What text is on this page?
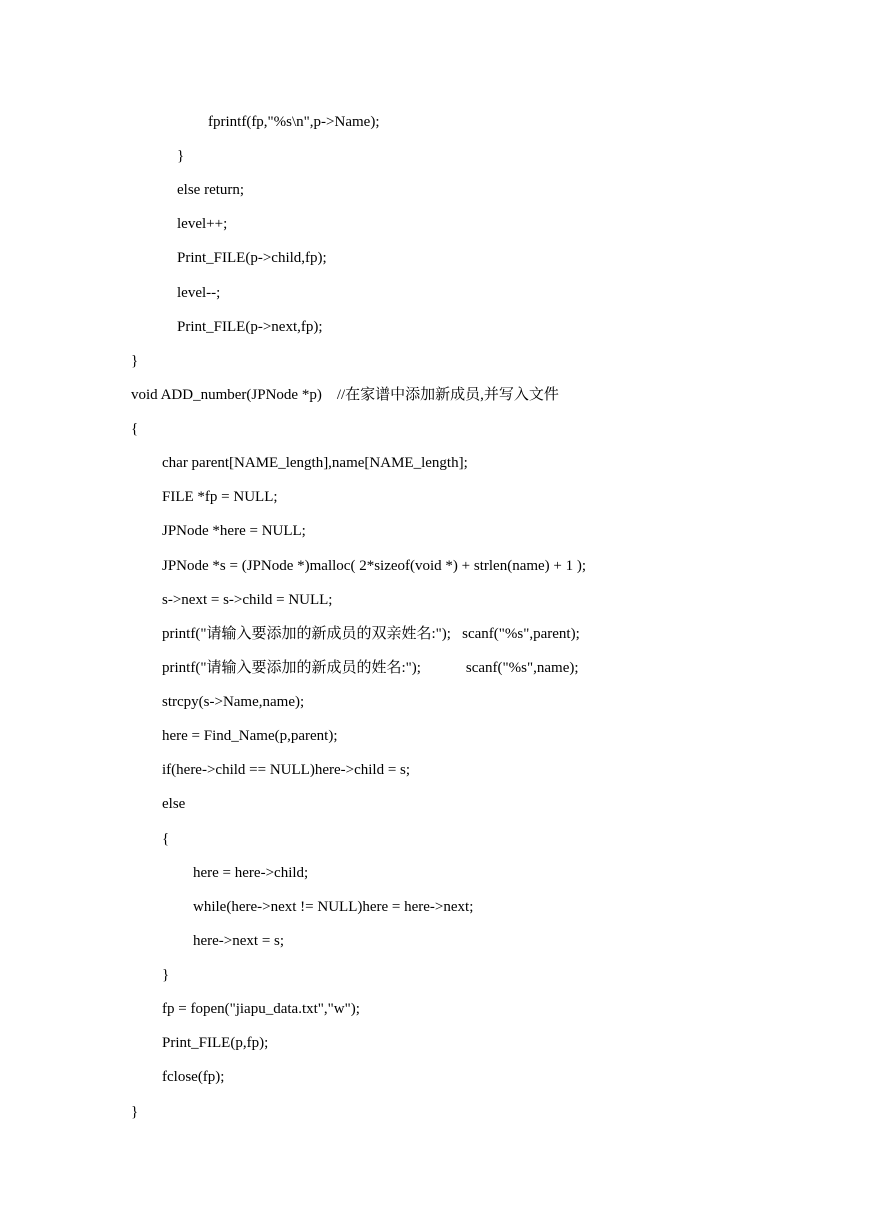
fprintf(fp,"%s\n",p->Name);

}

else return;

level++;

Print_FILE(p->child,fp);

level--;

Print_FILE(p->next,fp);

}

void ADD_number(JPNode *p)    //在家谱中添加新成员,并写入文件

{

char parent[NAME_length],name[NAME_length];

FILE *fp = NULL;

JPNode *here = NULL;

JPNode *s = (JPNode *)malloc( 2*sizeof(void *) + strlen(name) + 1 );

s->next = s->child = NULL;

printf("请输入要添加的新成员的双亲姓名:");   scanf("%s",parent);

printf("请输入要添加的新成员的姓名:");            scanf("%s",name);

strcpy(s->Name,name);

here = Find_Name(p,parent);

if(here->child == NULL)here->child = s;

else

{

here = here->child;

while(here->next != NULL)here = here->next;

here->next = s;

}

fp = fopen("jiapu_data.txt","w");

Print_FILE(p,fp);

fclose(fp);

}
